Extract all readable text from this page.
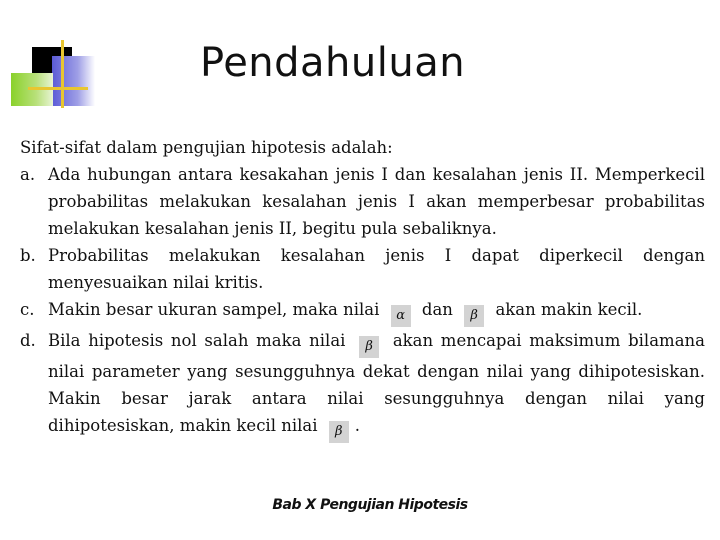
Pendahuluan

Sifat-sifat dalam pengujian hipotesis adalah:

a. Ada hubungan antara kesakahan jenis I dan kesalahan jenis II. Memperkecil probabilitas melakukan kesalahan jenis I akan memperbesar probabilitas melakukan kesalahan jenis II, begitu pula sebaliknya.
b. Probabilitas melakukan kesalahan jenis I dapat diperkecil dengan menyesuaikan nilai kritis.
c. Makin besar ukuran sampel, maka nilai α dan β akan makin kecil.
d. Bila hipotesis nol salah maka nilai β akan mencapai maksimum bilamana nilai parameter yang sesungguhnya dekat dengan nilai yang dihipotesiskan. Makin besar jarak antara nilai sesungguhnya dengan nilai yang dihipotesiskan, makin kecil nilai β .
Bab X Pengujian Hipotesis
